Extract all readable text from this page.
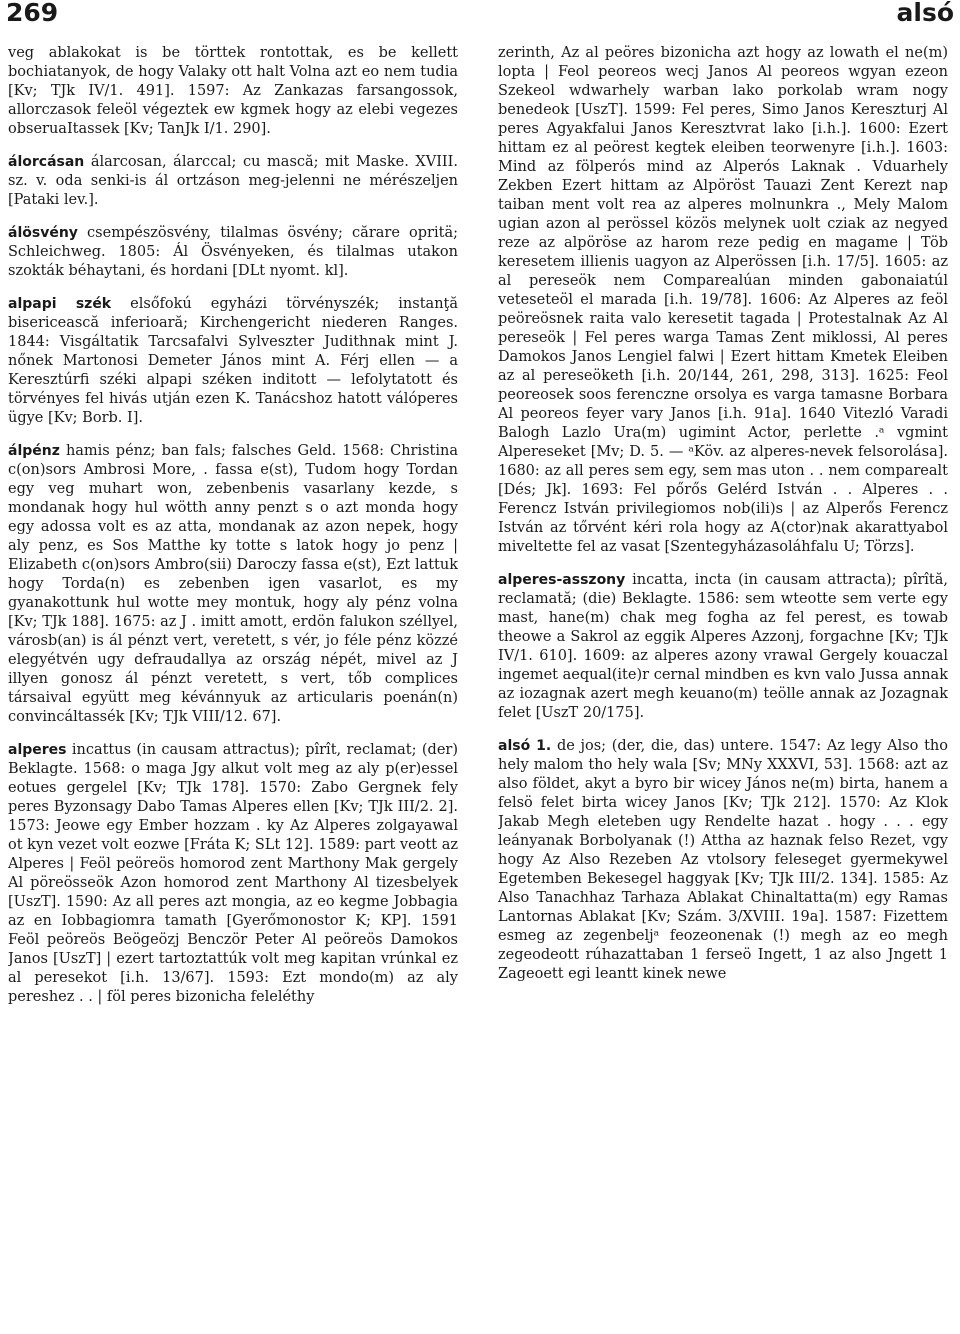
269	alsó

veg ablakokat is be törttek rontottak, es be kellett bochiatanyok, de hogy Valaky ott halt Volna azt eo nem tudia [Kv; TJk IV/1. 491]. 1597: Az Zankazas farsangossok, allorczasok feleöl végeztek ew kgmek hogy az elebi vegezes obseruaItassek [Kv; TanJk I/1. 290].

álorcásan álarcosan, álarccal; cu mască; mit Maske. XVIII. sz. v. oda senki-is ál ortzáson meg-jelenni ne mérészeljen [Pataki lev.].

álösvény csempészösvény, tilalmas ösvény; cărare opritä; Schleichweg. 1805: Ál Ösvényeken, és tilalmas utakon szokták béhaytani, és hordani [DLt nyomt. kl].

alpapi szék elsőfokú egyházi törvényszék; instanţă bisericească inferioară; Kirchengericht niederen Ranges. 1844: Visgáltatik Tarcsafalvi Sylveszter Judithnak mint J. nőnek Martonosi Demeter János mint A. Férj ellen — a Keresztúrfi széki alpapi széken inditott — lefolytatott és törvényes fel hivás utján ezen K. Tanácshoz hatott válóperes ügye [Kv; Borb. I].

álpénz hamis pénz; ban fals; falsches Geld. 1568: Christina c(on)sors Ambrosi More, . fassa e(st), Tudom hogy Tordan egy veg muhart won, zebenbenis vasarlany kezde, s mondanak hogy hul wötth anny penzt s o azt monda hogy egy adossa volt es az atta, mondanak az azon nepek, hogy aly penz, es Sos Matthe ky totte s latok hogy jo penz | Elizabeth c(on)sors Ambro(sii) Daroczy fassa e(st), Ezt lattuk hogy Torda(n) es zebenben igen vasarlot, es my gyanakottunk hul wotte mey montuk, hogy aly pénz volna [Kv; TJk 188]. 1675: az J . imitt amott, erdön falukon széllyel, városb(an) is ál pénzt vert, veretett, s vér, jo féle pénz közzé elegyétvén ugy defraudallya az ország népét, mivel az J illyen gonosz ál pénzt veretett, s vert, tőb complices társaival együtt meg kévánnyuk az articularis poenán(n) convincáltassék [Kv; TJk VIII/12. 67].

alperes incattus (in causam attractus); pîrît, reclamat; (der) Beklagte. 1568: o maga Jgy alkut volt meg az aly p(er)essel eotues gergelel [Kv; TJk 178]. 1570: Zabo Gergnek fely peres Byzonsagy Dabo Tamas Alperes ellen [Kv; TJk III/2. 2]. 1573: Jeowe egy Ember hozzam . ky Az Alperes zolgayawal ot kyn vezet volt eozwe [Fráta K; SLt 12]. 1589: part veott az Alperes | Feöl peöreös homorod zent Marthony Mak gergely Al pöreösseök Azon homorod zent Marthony Al tizesbelyek [UszT]. 1590: Az all peres azt mongia, az eo kegme Jobbagia az en Iobbagiomra tamath [Gyerőmonostor K; KP]. 1591 Feöl peöreös Beögeözj Benczör Peter Al peöreös Damokos Janos [UszT] | ezert tartoztattúk volt meg kapitan vrúnkal ez al peresekot [i.h. 13/67]. 1593: Ezt mondo(m) az aly pereshez . . | föl peres bizonicha feleléthy

zerinth, Az al peöres bizonicha azt hogy az lowath el ne(m) lopta | Feol peoreos wecj Janos Al peoreos wgyan ezeon Szekeol wdwarhely warban lako porkolab wram nogy benedeok [UszT]. 1599: Fel peres, Simo Janos Kereszturj Al peres Agyakfalui Janos Keresztvrat lako [i.h.]. 1600: Ezert hittam ez al peörest kegtek eleiben teorwenyre [i.h.]. 1603: Mind az fölperós mind az Alperós Laknak . Vduarhely Zekben Ezert hittam az Alpöröst Tauazi Zent Kerezt nap taiban ment volt rea az alperes molnunkra ., Mely Malom ugian azon al perössel közös melynek uolt cziak az negyed reze az alpöröse az harom reze pedig en magame | Töb keresetem illienis uagyon az Alperössen [i.h. 17/5]. 1605: az al pereseök nem Comparealúan minden gabonaiatúl veteseteöl el marada [i.h. 19/78]. 1606: Az Alperes az feöl peöreösnek raita valo keresetit tagada | Protestalnak Az Al pereseök | Fel peres warga Tamas Zent miklossi, Al peres Damokos Janos Lengiel falwi | Ezert hittam Kmetek Eleiben az al pereseöketh [i.h. 20/144, 261, 298, 313]. 1625: Feol peoreosek soos ferenczne orsolya es varga tamasne Borbara Al peoreos feyer vary Janos [i.h. 91a]. 1640 Vitezló Varadi Balogh Lazlo Ura(m) ugimint Actor, perlette .ᵃ vgmint Alpereseket [Mv; D. 5. — ᵃKöv. az alperes-nevek felsorolása]. 1680: az all peres sem egy, sem mas uton . . nem comparealt [Dés; Jk]. 1693: Fel pőrős Gelérd István . . Alperes . . Ferencz István privilegiomos nob(ili)s | az Alperős Ferencz István az tőrvént kéri rola hogy az A(ctor)nak akarattyabol miveltette fel az vasat [Szentegyházasoláhfalu U; Törzs].

alperes-asszony incatta, incta (in causam attracta); pîrîtă, reclamată; (die) Beklagte. 1586: sem wteotte sem verte egy mast, hane(m) chak meg fogha az fel perest, es towab theowe a Sakrol az eggik Alperes Azzonj, forgachne [Kv; TJk IV/1. 610]. 1609: az alperes azony vrawal Gergely kouaczal ingemet aequal(ite)r cernal mindben es kvn valo Jussa annak az iozagnak azert megh keuano(m) teölle annak az Jozagnak felet [UszT 20/175].

alsó 1. de jos; (der, die, das) untere. 1547: Az legy Also tho hely malom tho hely wala [Sv; MNy XXXVI, 53]. 1568: azt az also földet, akyt a byro bir wicey János ne(m) birta, hanem a felsö felet birta wicey Janos [Kv; TJk 212]. 1570: Az Klok Jakab Megh eleteben ugy Rendelte hazat . hogy . . . egy leányanak Borbolyanak (!) Attha az haznak felso Rezet, vgy hogy Az Also Rezeben Az vtolsory feleseget gyermekywel Egetemben Bekesegel haggyak [Kv; TJk III/2. 134]. 1585: Az Also Tanachhaz Tarhaza Ablakat Chinaltatta(m) egy Ramas Lantornas Ablakat [Kv; Szám. 3/XVIII. 19a]. 1587: Fizettem esmeg az zegenbeljᵃ feozeonenak (!) megh az eo megh zegeodeott rúhazattaban 1 ferseö Ingett, 1 az also Jngett 1 Zageoett egi leantt kinek newe
